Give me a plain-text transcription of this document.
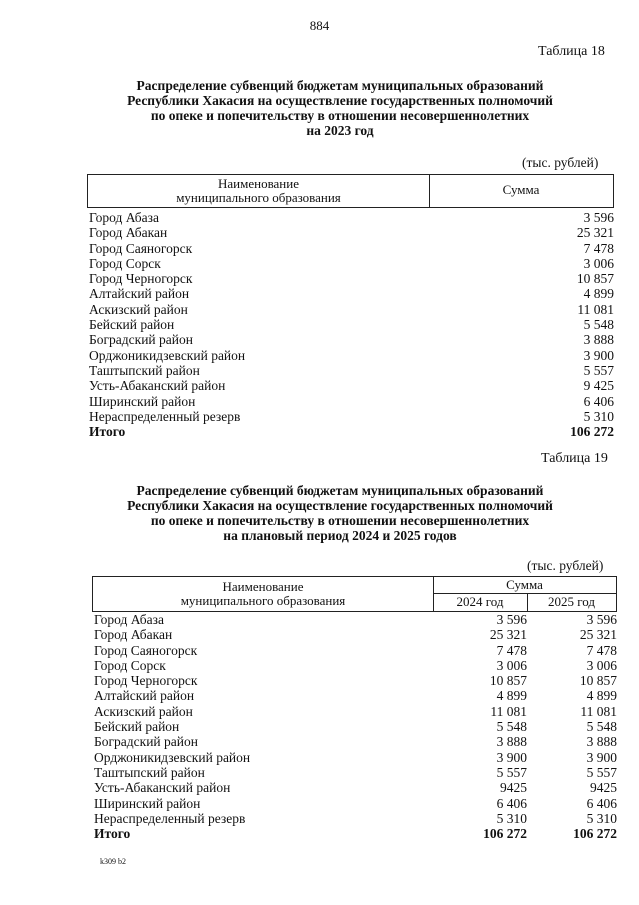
884
Таблица 18
Распределение субвенций бюджетам муниципальных образований
Республики Хакасия на осуществление государственных полномочий
по опеке и попечительству в отношении несовершеннолетних
на 2023 год
(тыс. рублей)
Наименование
муниципального образования
Сумма
Город Абаза	3 596
Город Абакан	25 321
Город Саяногорск	7 478
Город Сорск	3 006
Город Черногорск	10 857
Алтайский район	4 899
Аскизский район	11 081
Бейский район	5 548
Боградский район	3 888
Орджоникидзевский район	3 900
Таштыпский район	5 557
Усть-Абаканский район	9 425
Ширинский район	6 406
Нераспределенный резерв	5 310
Итого	106 272
Таблица 19
Распределение субвенций бюджетам муниципальных образований
Республики Хакасия на осуществление государственных полномочий
по опеке и попечительству в отношении несовершеннолетних
на плановый период 2024 и 2025 годов
(тыс. рублей)
Наименование
муниципального образования
Сумма
2024 год	2025 год
Город Абаза	3 596	3 596
Город Абакан	25 321	25 321
Город Саяногорск	7 478	7 478
Город Сорск	3 006	3 006
Город Черногорск	10 857	10 857
Алтайский район	4 899	4 899
Аскизский район	11 081	11 081
Бейский район	5 548	5 548
Боградский район	3 888	3 888
Орджоникидзевский район	3 900	3 900
Таштыпский район	5 557	5 557
Усть-Абаканский район	9425	9425
Ширинский район	6 406	6 406
Нераспределенный резерв	5 310	5 310
Итого	106 272	106 272
k309 b2
